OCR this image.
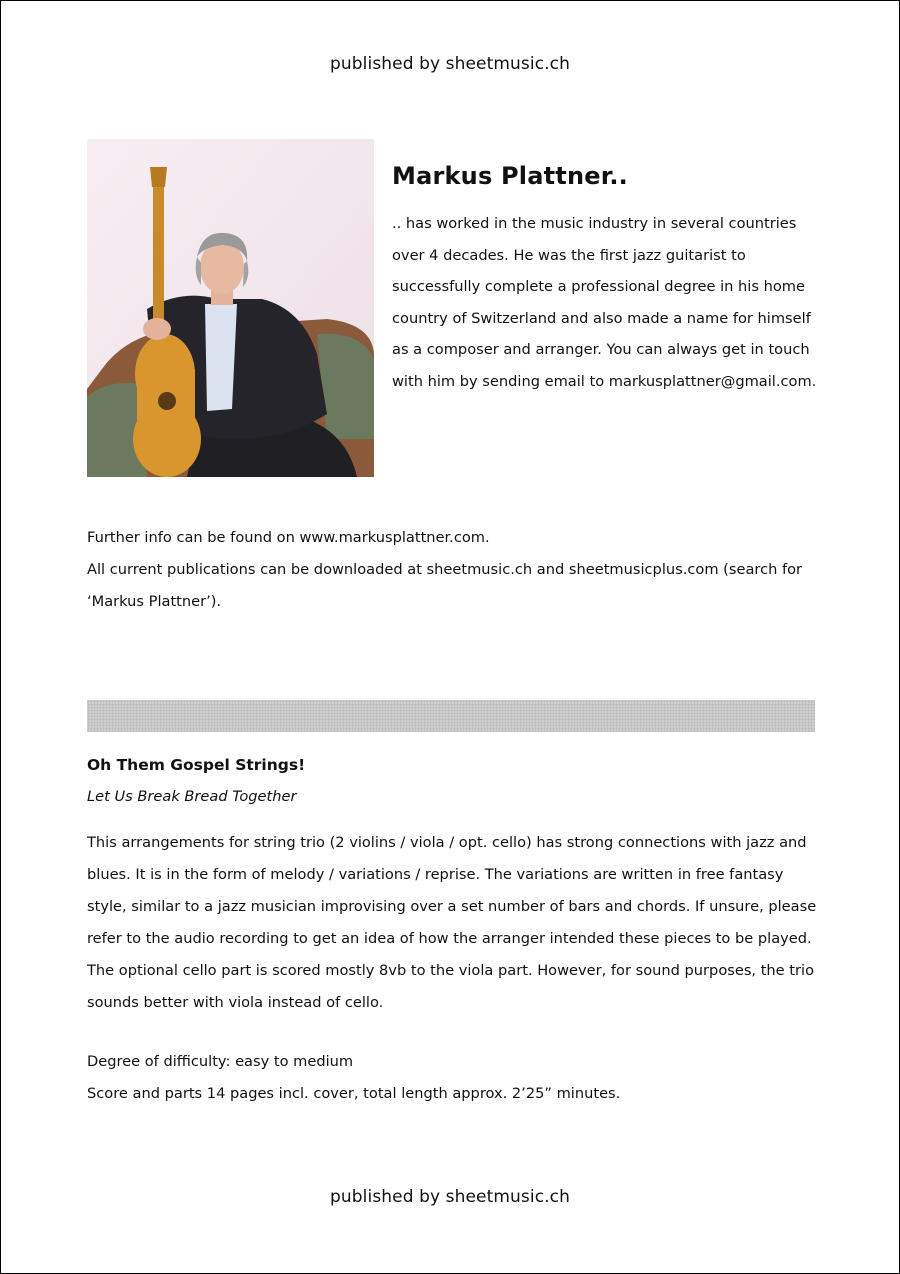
published by sheetmusic.ch
Markus Plattner..
.. has worked in the music industry in several countries over 4 decades. He was the first jazz guitarist to successfully complete a professional degree in his home country of Switzerland and also made a name for himself as a composer and arranger. You can always get in touch with him by sending email to markusplattner@gmail.com.

Further info can be found on www.markusplattner.com.

All current publications can be downloaded at sheetmusic.ch and sheetmusicplus.com (search for ‘Markus Plattner’).

Oh Them Gospel Strings!
Let Us Break Bread Together
This arrangements for string trio (2 violins / viola / opt. cello) has strong connections with jazz and blues. It is in the form of melody / variations / reprise. The variations are written in free fantasy style, similar to a jazz musician improvising over a set number of bars and chords. If unsure, please refer to the audio recording to get an idea of how the arranger intended these pieces to be played. The optional cello part is scored mostly 8vb to the viola part. However, for sound purposes, the trio sounds better with viola instead of cello.

Degree of difficulty: easy to medium

Score and parts 14 pages incl. cover, total length approx. 2’25” minutes.

published by sheetmusic.ch
